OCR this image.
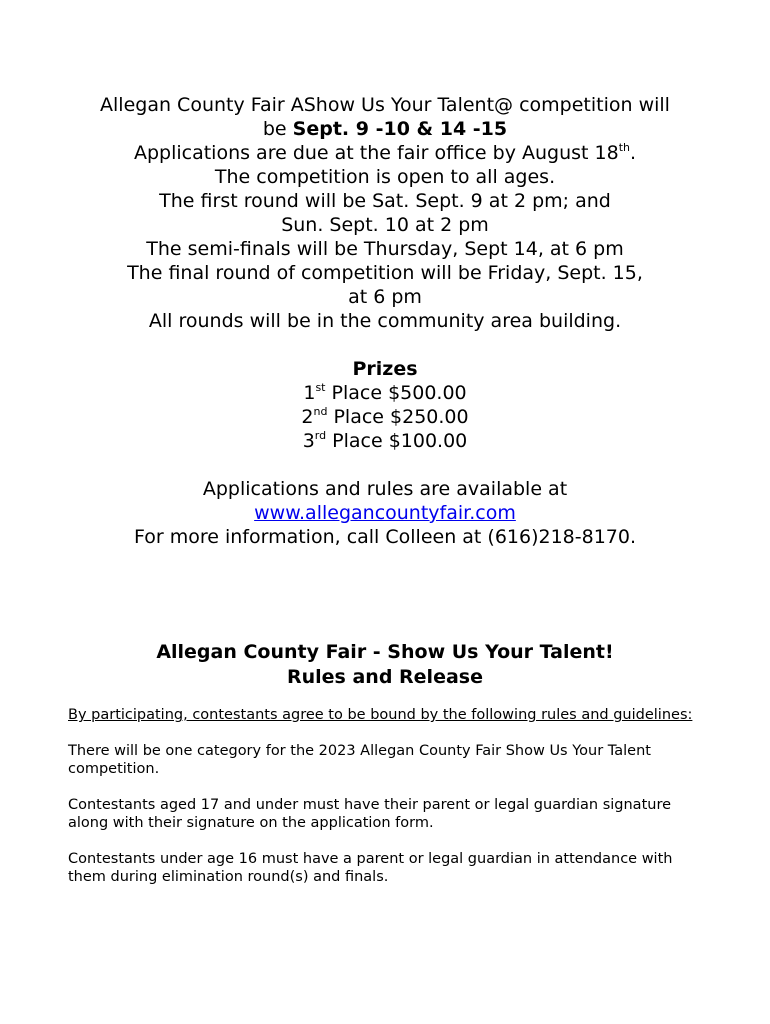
Allegan County Fair AShow Us Your Talent@ competition will

be Sept. 9 -10 & 14 -15

Applications are due at the fair office by August 18th.

The competition is open to all ages.

The first round will be Sat. Sept. 9 at 2 pm; and

Sun. Sept. 10 at 2 pm

The semi-finals will be Thursday, Sept 14, at 6 pm

The final round of competition will be Friday, Sept. 15,

at 6 pm

All rounds will be in the community area building.

Prizes

1st Place $500.00

2nd Place $250.00

3rd Place $100.00

Applications and rules are available at

www.allegancountyfair.com

For more information, call Colleen at (616)218-8170.

Allegan County Fair - Show Us Your Talent!

Rules and Release

By participating, contestants agree to be bound by the following rules and guidelines:

There will be one category for the 2023 Allegan County Fair Show Us Your Talent competition.

Contestants aged 17 and under must have their parent or legal guardian signature along with their signature on the application form.

Contestants under age 16 must have a parent or legal guardian in attendance with them during elimination round(s) and finals.
